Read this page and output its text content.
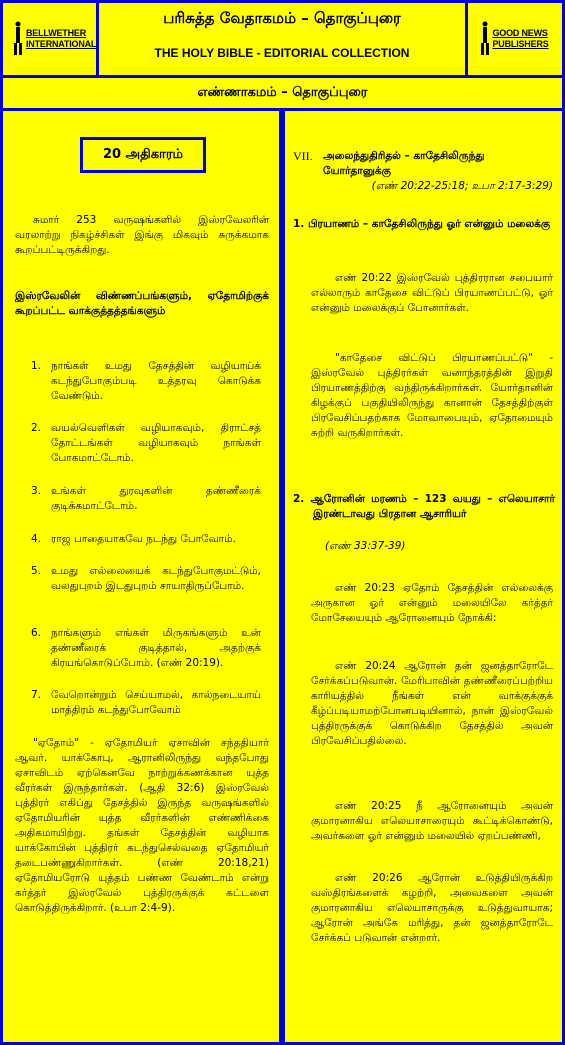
BELLWETHER INTERNATIONAL
பரிசுத்த வேதாகமம் – தொகுப்புரை
THE HOLY BIBLE - EDITORIAL COLLECTION
GOOD NEWS PUBLISHERS
எண்ணாகமம் – தொகுப்புரை
20 அதிகாரம்
சுமார் 253 வருஷங்களில் இஸ்ரவேலரின் வரலாற்று நிகழ்ச்சிகள் இங்கு மிகவும் சுருக்கமாக கூறப்பட்டிருக்கிறது.
இஸ்ரவேலின் விண்ணப்பங்களும், ஏதோமிற்குக் கூறப்பட்ட வாக்குத்தத்தங்களும்
1. நாங்கள் உமது தேசத்தின் வழியாய்க் கடந்துபோகும்படி உத்தரவு கொடுக்க வேண்டும்.
2. வயல்வெளிகள் வழியாகவும், திராட்சத் தோட்டங்கள் வழியாகவும் நாங்கள் போகமாட்டோம்.
3. உங்கள் துரவுகளின் தண்ணீரைக் குடிக்கமாட்டோம்.
4. ராஜ பாதையாகவே நடந்து போவோம்.
5. உமது எல்லையைக் கடந்துபோகுமட்டும், வலதுபுறம் இடதுபுறம் சாயாதிருப்போம்.
6. நாங்களும் எங்கள் மிருகங்களும் உன் தண்ணீரைக் குடித்தால், அதற்குக் கிரயங்கொடுப்போம். (எண் 20:19).
7. வேறொன்றும் செய்யாமல், கால்நடையாய் மாத்திரம் கடந்துபோவோம்
"ஏதோம்" - ஏதோமியர் ஏசாவின் சந்ததியார் ஆவர். யாக்கோபு, ஆரானிலிருந்து வந்தபோது ஏசாவிடம் ஏற்கெனவே நாற்றுக்கணக்கான யுத்த வீரர்கள் இருந்தார்கள். (ஆதி 32:6) இஸ்ரவேல் புத்திரர் எகிப்து தேசத்தில் இருந்த வருஷங்களில் ஏதோமியரின் யுத்த வீரர்களின் எண்ணிக்கை அதிகமாயிற்று. தங்கள் தேசத்தின் வழியாக யாக்கோபின் புத்திரர் கடந்துசெல்வதை ஏதோமியர் தடைபண்ணுகிறார்கள். (எண் 20:18,21) ஏதோமியரோடு யுத்தம் பண்ண வேண்டாம் என்று கர்த்தர் இஸ்ரவேல் புத்திரருக்குக் கட்டளை கொடுத்திருக்கிறார். (உபா 2:4-9).
VII. அலைந்துதிரிதல் – காதேசிலிருந்து யோர்தானுக்கு
(எண் 20:22-25:18; உபா 2:17-3:29)
1. பிரயாணம் – காதேசிலிருந்து ஓர் என்னும் மலைக்கு
எண் 20:22 இஸ்ரவேல் புத்திரரான சபையார் எல்லாரும் காதேசை விட்டுப் பிரயாணப்பட்டு, ஓர் என்னும் மலைக்குப் போனார்கள்.
"காதேசை விட்டுப் பிரயாணப்பட்டு" - இஸ்ரவேல் புத்திரர்கள் வனாந்தரத்தின் இறுதி பிரயாணத்திற்கு வந்திருக்கிறார்கள். யோர்தானின் கிழக்குப் பகுதியிலிருந்து கானான் தேசத்திற்குள் பிரவேசிப்பதற்காக மோவாபையும், ஏதோமையும் சுற்றி வருகிறார்கள்.
2. ஆரோனின் மரணம் – 123 வயது – எலெயாசார் இரண்டாவது பிரதான ஆசாரியர்
(எண் 33:37-39)
எண் 20:23 ஏதோம் தேசத்தின் எல்லைக்கு அருகான ஓர் என்னும் மலையிலே கர்த்தர் மோசேயையும் ஆரோனையும் நோக்கி:
எண் 20:24 ஆரோன் தன் ஜனத்தாரோடே சேர்க்கப்படுவான். மேரிபாவின் தண்ணீரைப்பற்றிய காரியத்தில் நீங்கள் என் வாக்குக்குக் கீழ்ப்படியாமற்போனபடியினால், நான் இஸ்ரவேல் புத்திரருக்குக் கொடுக்கிற தேசத்தில் அவன் பிரவேசிப்பதில்லை.
எண் 20:25 நீ ஆரோனையும் அவன் குமாரனாகிய எலெயாசாரையும் கூட்டிக்கொண்டு, அவர்களை ஓர் என்னும் மலையில் ஏறப்பண்ணி,
எண் 20:26 ஆரோன் உடுத்தியிருக்கிற வஸ்திரங்களைக் கழற்றி, அவைகளை அவன் குமாரனாகிய எலெயாசாருக்கு உடுத்துவாயாக; ஆரோன் அங்கே மரித்து, தன் ஜனத்தாரோடே சேர்க்கப் படுவான் என்றார்.
